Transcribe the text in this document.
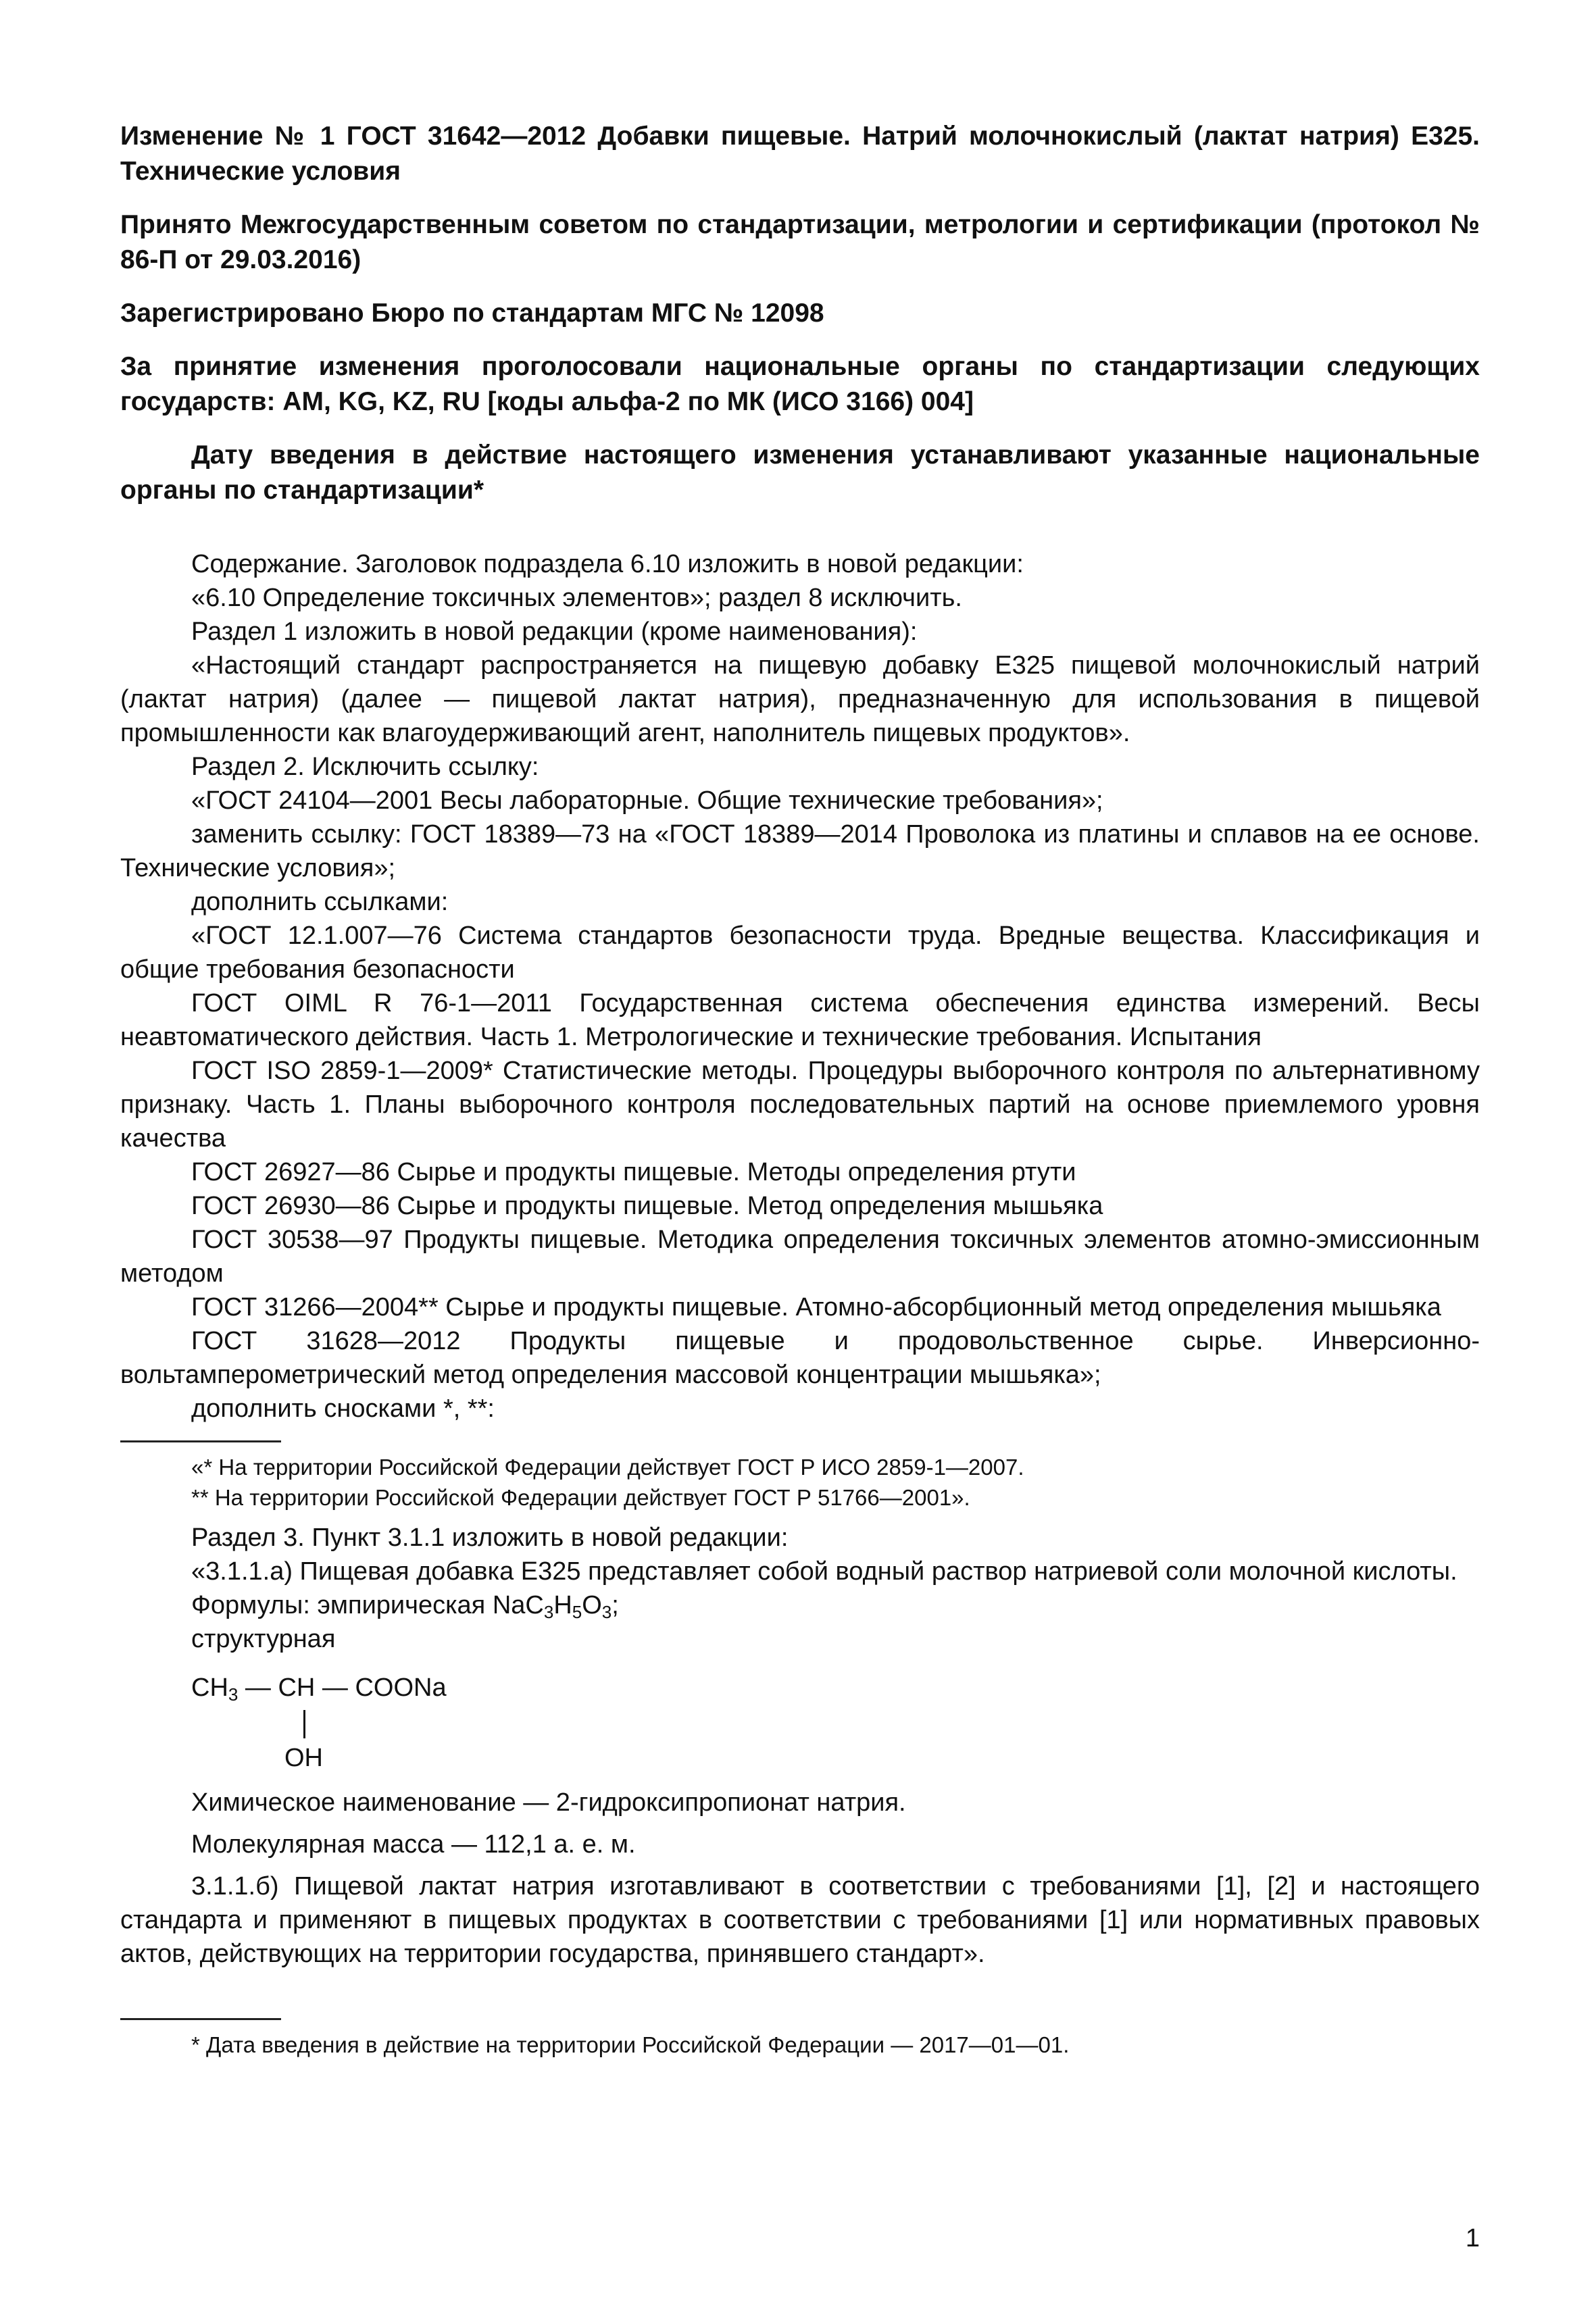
Изменение № 1 ГОСТ 31642—2012 Добавки пищевые. Натрий молочнокислый (лактат натрия) Е325. Технические условия

Принято Межгосударственным советом по стандартизации, метрологии и сертификации (протокол № 86-П от 29.03.2016)

Зарегистрировано Бюро по стандартам МГС № 12098

За принятие изменения проголосовали национальные органы по стандартизации следующих государств: AM, KG, KZ, RU [коды альфа-2 по МК (ИСО 3166) 004]

Дату введения в действие настоящего изменения устанавливают указанные национальные органы по стандартизации*

Содержание. Заголовок подраздела 6.10 изложить в новой редакции:

«6.10 Определение токсичных элементов»; раздел 8 исключить.

Раздел 1 изложить в новой редакции (кроме наименования):

«Настоящий стандарт распространяется на пищевую добавку Е325 пищевой молочнокислый натрий (лактат натрия) (далее — пищевой лактат натрия), предназначенную для использования в пищевой промышленности как влагоудерживающий агент, наполнитель пищевых продуктов».

Раздел 2. Исключить ссылку:

«ГОСТ 24104—2001 Весы лабораторные. Общие технические требования»;

заменить ссылку: ГОСТ 18389—73 на «ГОСТ 18389—2014 Проволока из платины и сплавов на ее основе. Технические условия»;

дополнить ссылками:

«ГОСТ 12.1.007—76 Система стандартов безопасности труда. Вредные вещества. Классификация и общие требования безопасности

ГОСТ OIML R 76-1—2011 Государственная система обеспечения единства измерений. Весы неавтоматического действия. Часть 1. Метрологические и технические требования. Испытания

ГОСТ ISO 2859-1—2009* Статистические методы. Процедуры выборочного контроля по альтернативному признаку. Часть 1. Планы выборочного контроля последовательных партий на основе приемлемого уровня качества

ГОСТ 26927—86 Сырье и продукты пищевые. Методы определения ртути

ГОСТ 26930—86 Сырье и продукты пищевые. Метод определения мышьяка

ГОСТ 30538—97 Продукты пищевые. Методика определения токсичных элементов атомно-эмиссионным методом

ГОСТ 31266—2004** Сырье и продукты пищевые. Атомно-абсорбционный метод определения мышьяка

ГОСТ 31628—2012 Продукты пищевые и продовольственное сырье. Инверсионно-вольтамперометрический метод определения массовой концентрации мышьяка»;

дополнить сносками *, **:

«* На территории Российской Федерации действует ГОСТ Р ИСО 2859-1—2007.

** На территории Российской Федерации действует ГОСТ Р 51766—2001».

Раздел 3. Пункт 3.1.1 изложить в новой редакции:

«3.1.1.а) Пищевая добавка Е325 представляет собой водный раствор натриевой соли молочной кислоты.

Формулы: эмпирическая $NaC_3H_5O_3$;

структурная

$CH_3$ — CH — COONa
OH

Химическое наименование — 2-гидроксипропионат натрия.

Молекулярная масса — 112,1 а. е. м.

3.1.1.б) Пищевой лактат натрия изготавливают в соответствии с требованиями [1], [2] и настоящего стандарта и применяют в пищевых продуктах в соответствии с требованиями [1] или нормативных правовых актов, действующих на территории государства, принявшего стандарт».

* Дата введения в действие на территории Российской Федерации — 2017—01—01.

1
